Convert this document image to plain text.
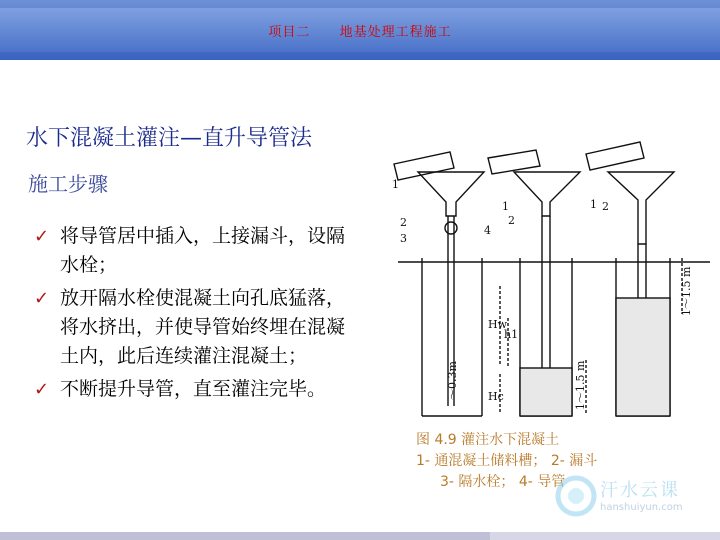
项目二 地基处理工程施工
水下混凝土灌注—直升导管法
施工步骤
✓ 将导管居中插入，上接漏斗，设隔水栓；
✓ 放开隔水栓使混凝土向孔底猛落，将水挤出，并使导管始终埋在混凝土内，此后连续灌注混凝土；
✓ 不断提升导管，直至灌注完毕。
1
2
3
4
1
2
1 2
Hw
h1
Hc
～0.3m	1～1.5 m
1～1.5 m
图 4.9 灌注水下混凝土
1- 通混凝土储料槽； 2- 漏斗
3- 隔水栓； 4- 导管	汗水云课
hanshuiyun.com
